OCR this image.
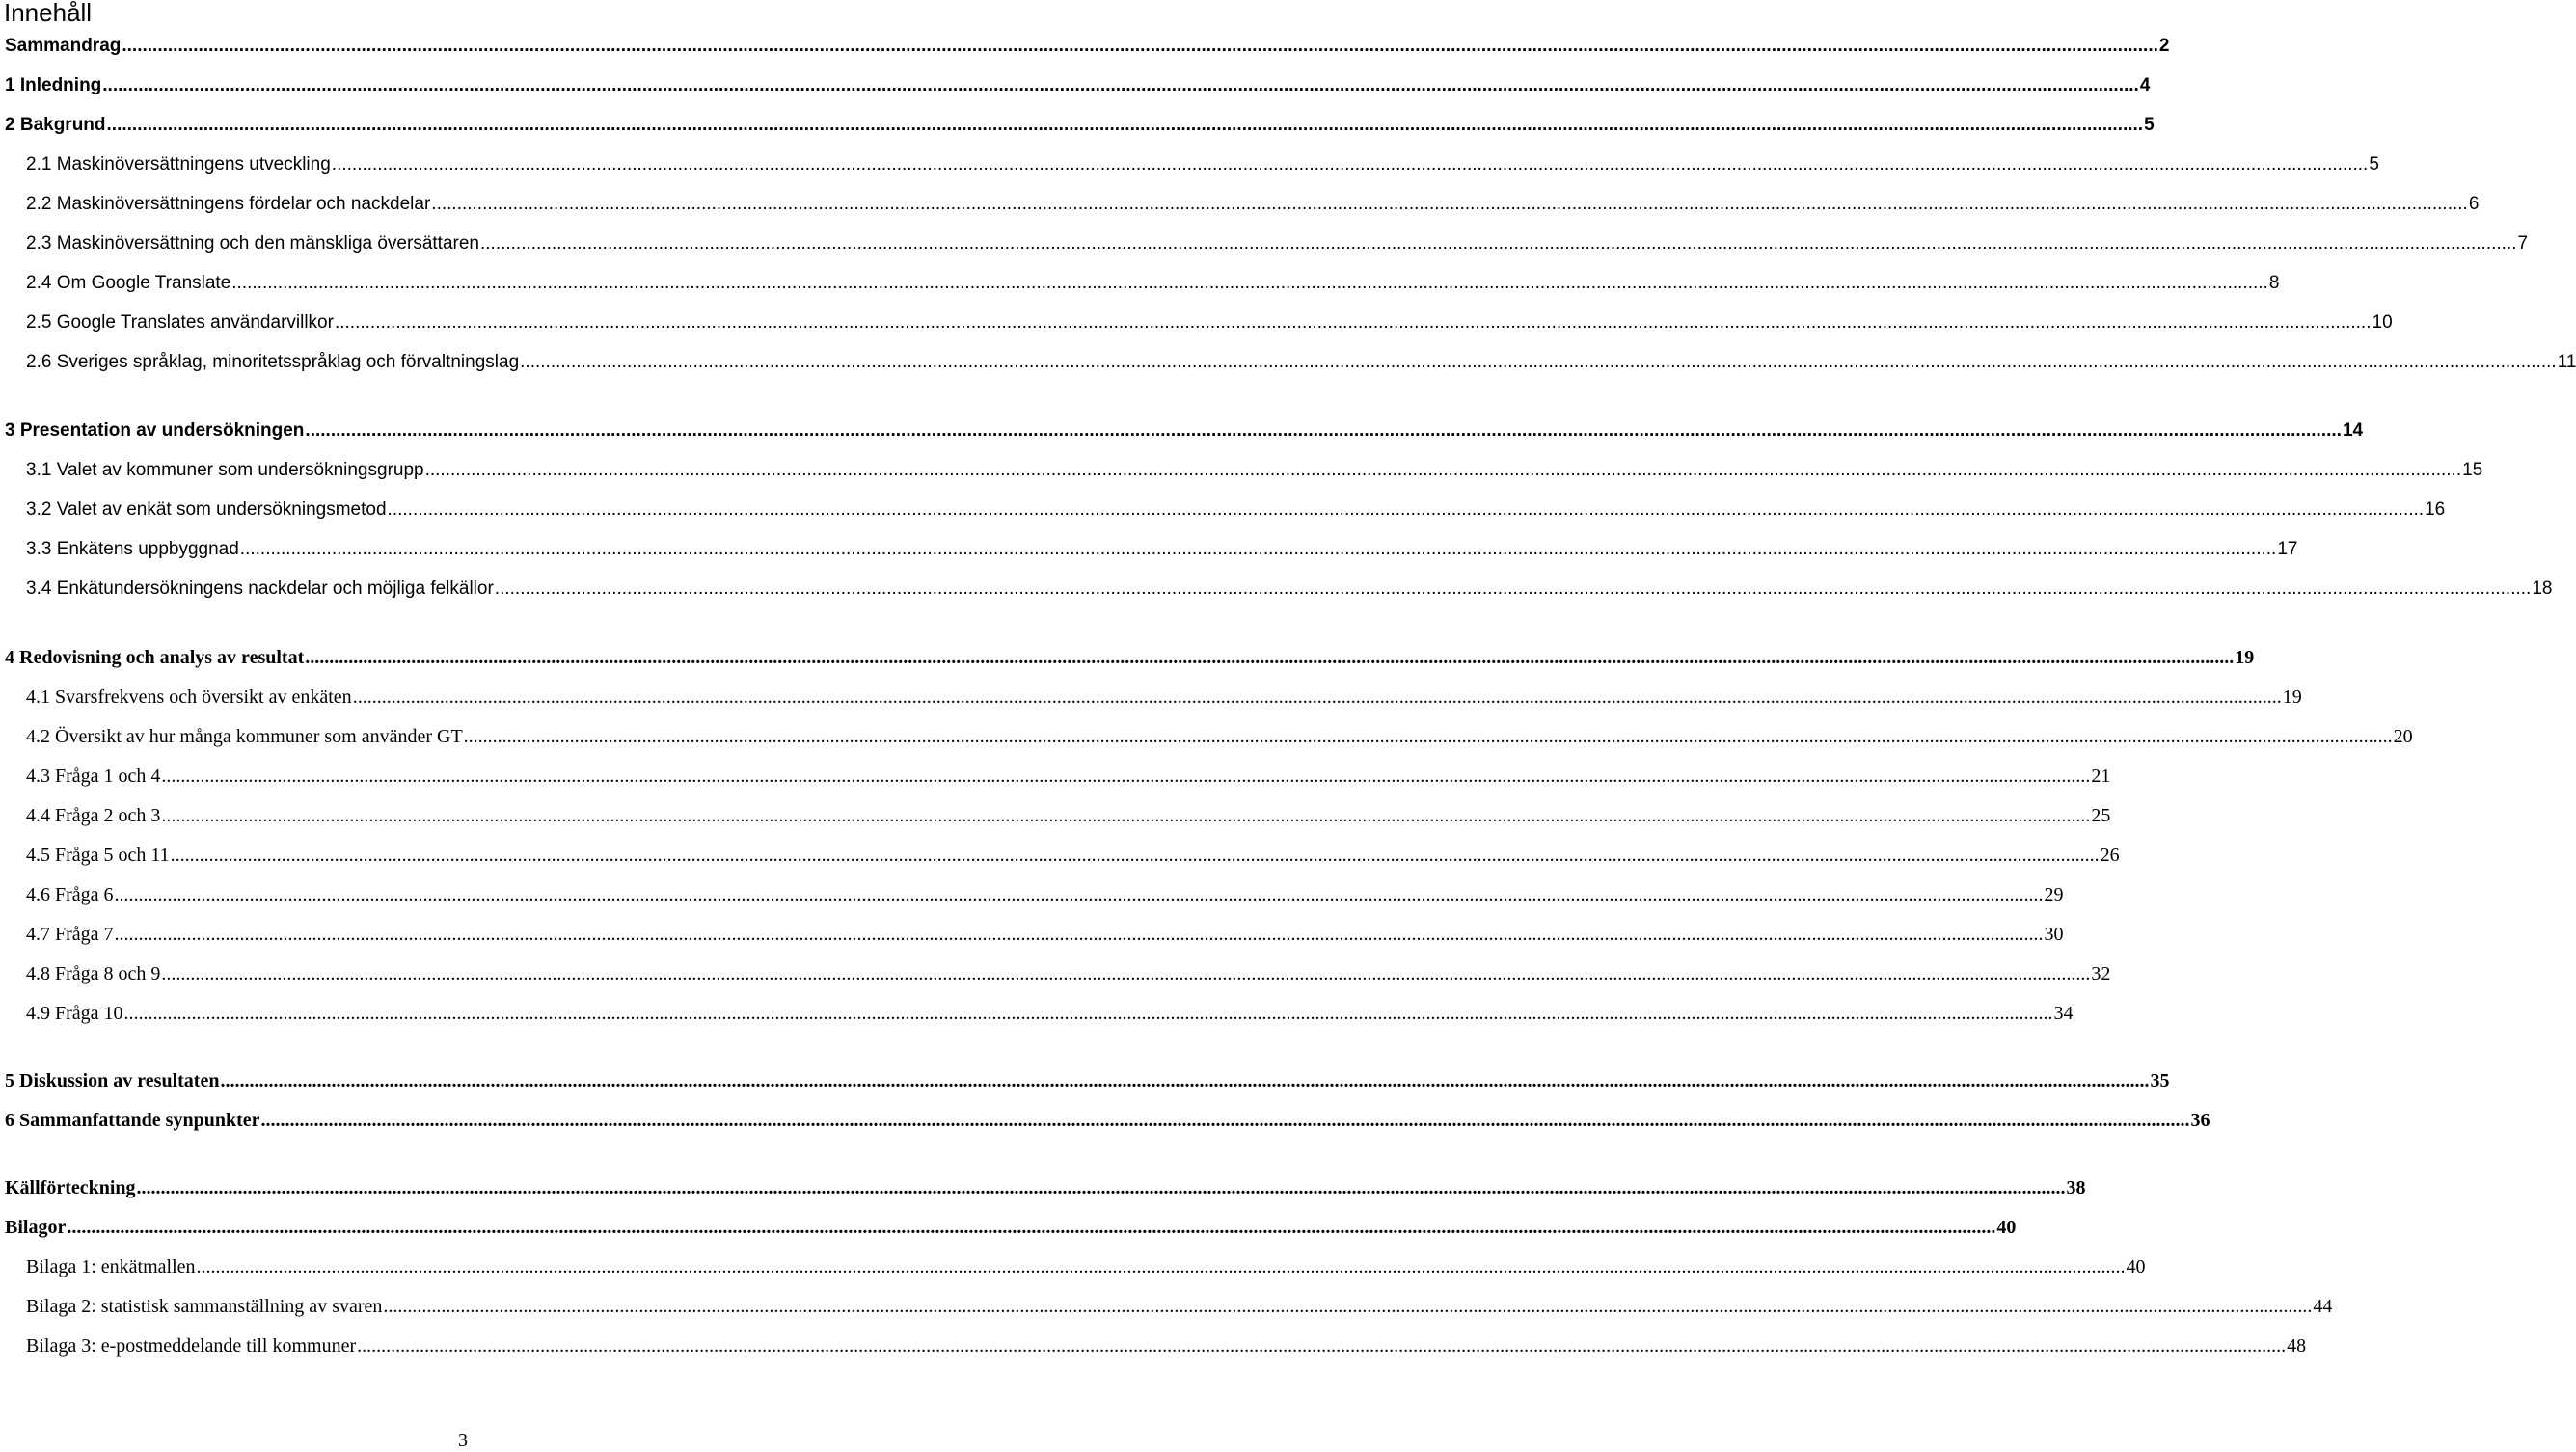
Innehåll
Sammandrag ................................................................................................................................................................................................................................................................................................................................................................................................................ 2
1 Inledning ................................................................................................................................................................................................................................................................................................................................................................................................................ 4
2 Bakgrund ................................................................................................................................................................................................................................................................................................................................................................................................................ 5
2.1 Maskinöversättningens utveckling ................................................................................................................................................................................................................................................................................................................................................................................................................ 5
2.2 Maskinöversättningens fördelar och nackdelar ................................................................................................................................................................................................................................................................................................................................................................................................................ 6
2.3 Maskinöversättning och den mänskliga översättaren ................................................................................................................................................................................................................................................................................................................................................................................................................ 7
2.4 Om Google Translate ................................................................................................................................................................................................................................................................................................................................................................................................................ 8
2.5 Google Translates användarvillkor ................................................................................................................................................................................................................................................................................................................................................................................................................ 10
2.6 Sveriges språklag, minoritetsspråklag och förvaltningslag ................................................................................................................................................................................................................................................................................................................................................................................................................ 11
3 Presentation av undersökningen ................................................................................................................................................................................................................................................................................................................................................................................................................ 14
3.1 Valet av kommuner som undersökningsgrupp ................................................................................................................................................................................................................................................................................................................................................................................................................ 15
3.2 Valet av enkät som undersökningsmetod ................................................................................................................................................................................................................................................................................................................................................................................................................ 16
3.3 Enkätens uppbyggnad ................................................................................................................................................................................................................................................................................................................................................................................................................ 17
3.4 Enkätundersökningens nackdelar och möjliga felkällor ................................................................................................................................................................................................................................................................................................................................................................................................................ 18
4 Redovisning och analys av resultat ................................................................................................................................................................................................................................................................................................................................................................................................................ 19
4.1 Svarsfrekvens och översikt av enkäten ................................................................................................................................................................................................................................................................................................................................................................................................................ 19
4.2 Översikt av hur många kommuner som använder GT ................................................................................................................................................................................................................................................................................................................................................................................................................ 20
4.3 Fråga 1 och 4 ................................................................................................................................................................................................................................................................................................................................................................................................................ 21
4.4 Fråga 2 och 3 ................................................................................................................................................................................................................................................................................................................................................................................................................ 25
4.5 Fråga 5 och 11 ................................................................................................................................................................................................................................................................................................................................................................................................................ 26
4.6 Fråga 6 ................................................................................................................................................................................................................................................................................................................................................................................................................ 29
4.7 Fråga 7 ................................................................................................................................................................................................................................................................................................................................................................................................................ 30
4.8 Fråga 8 och 9 ................................................................................................................................................................................................................................................................................................................................................................................................................ 32
4.9 Fråga 10 ................................................................................................................................................................................................................................................................................................................................................................................................................ 34
5 Diskussion av resultaten ................................................................................................................................................................................................................................................................................................................................................................................................................ 35
6 Sammanfattande synpunkter ................................................................................................................................................................................................................................................................................................................................................................................................................ 36
Källförteckning ................................................................................................................................................................................................................................................................................................................................................................................................................ 38
Bilagor ................................................................................................................................................................................................................................................................................................................................................................................................................ 40
Bilaga 1: enkätmallen ................................................................................................................................................................................................................................................................................................................................................................................................................ 40
Bilaga 2: statistisk sammanställning av svaren ................................................................................................................................................................................................................................................................................................................................................................................................................ 44
Bilaga 3: e-postmeddelande till kommuner ................................................................................................................................................................................................................................................................................................................................................................................................................ 48
3
